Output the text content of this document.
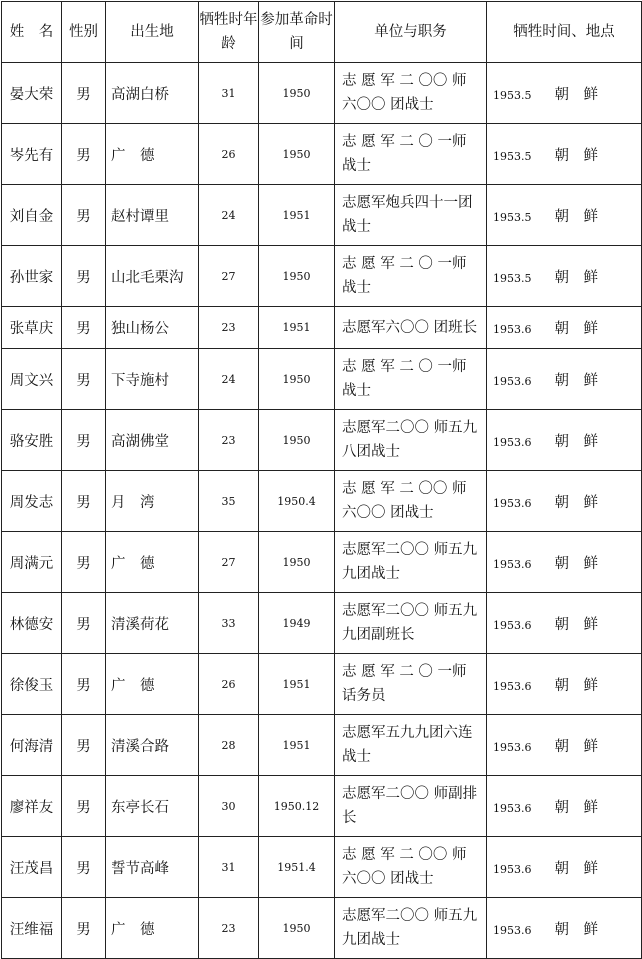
姓　名	性别	出生地	牺牲时年龄	参加革命时间	单位与职务	牺牲时间、地点
晏大荣	男	高湖白桥	31	1950	志 愿 军 二 〇〇 师 六〇〇 团战士	1953.5 朝　鲜
岑先有	男	广　德	26	1950	志 愿 军 二 〇 一师 战士	1953.5 朝　鲜
刘自金	男	赵村谭里	24	1951	志愿军炮兵四十一团战士	1953.5 朝　鲜
孙世家	男	山北毛栗沟	27	1950	志 愿 军 二 〇 一师 战士	1953.5 朝　鲜
张草庆	男	独山杨公	23	1951	志愿军六〇〇 团班长	1953.6 朝　鲜
周文兴	男	下寺施村	24	1950	志 愿 军 二 〇 一师 战士	1953.6 朝　鲜
骆安胜	男	高湖佛堂	23	1950	志愿军二〇〇 师五九八团战士	1953.6 朝　鲜
周发志	男	月　湾	35	1950.4	志 愿 军 二 〇〇 师 六〇〇 团战士	1953.6 朝　鲜
周满元	男	广　德	27	1950	志愿军二〇〇 师五九九团战士	1953.6 朝　鲜
林德安	男	清溪荷花	33	1949	志愿军二〇〇 师五九九团副班长	1953.6 朝　鲜
徐俊玉	男	广　德	26	1951	志 愿 军 二 〇 一师 话务员	1953.6 朝　鲜
何海清	男	清溪合路	28	1951	志愿军五九九团六连战士	1953.6 朝　鲜
廖祥友	男	东亭长石	30	1950.12	志愿军二〇〇 师副排长	1953.6 朝　鲜
汪茂昌	男	誓节高峰	31	1951.4	志 愿 军 二 〇〇 师 六〇〇 团战士	1953.6 朝　鲜
汪维福	男	广　德	23	1950	志愿军二〇〇 师五九九团战士	1953.6 朝　鲜
